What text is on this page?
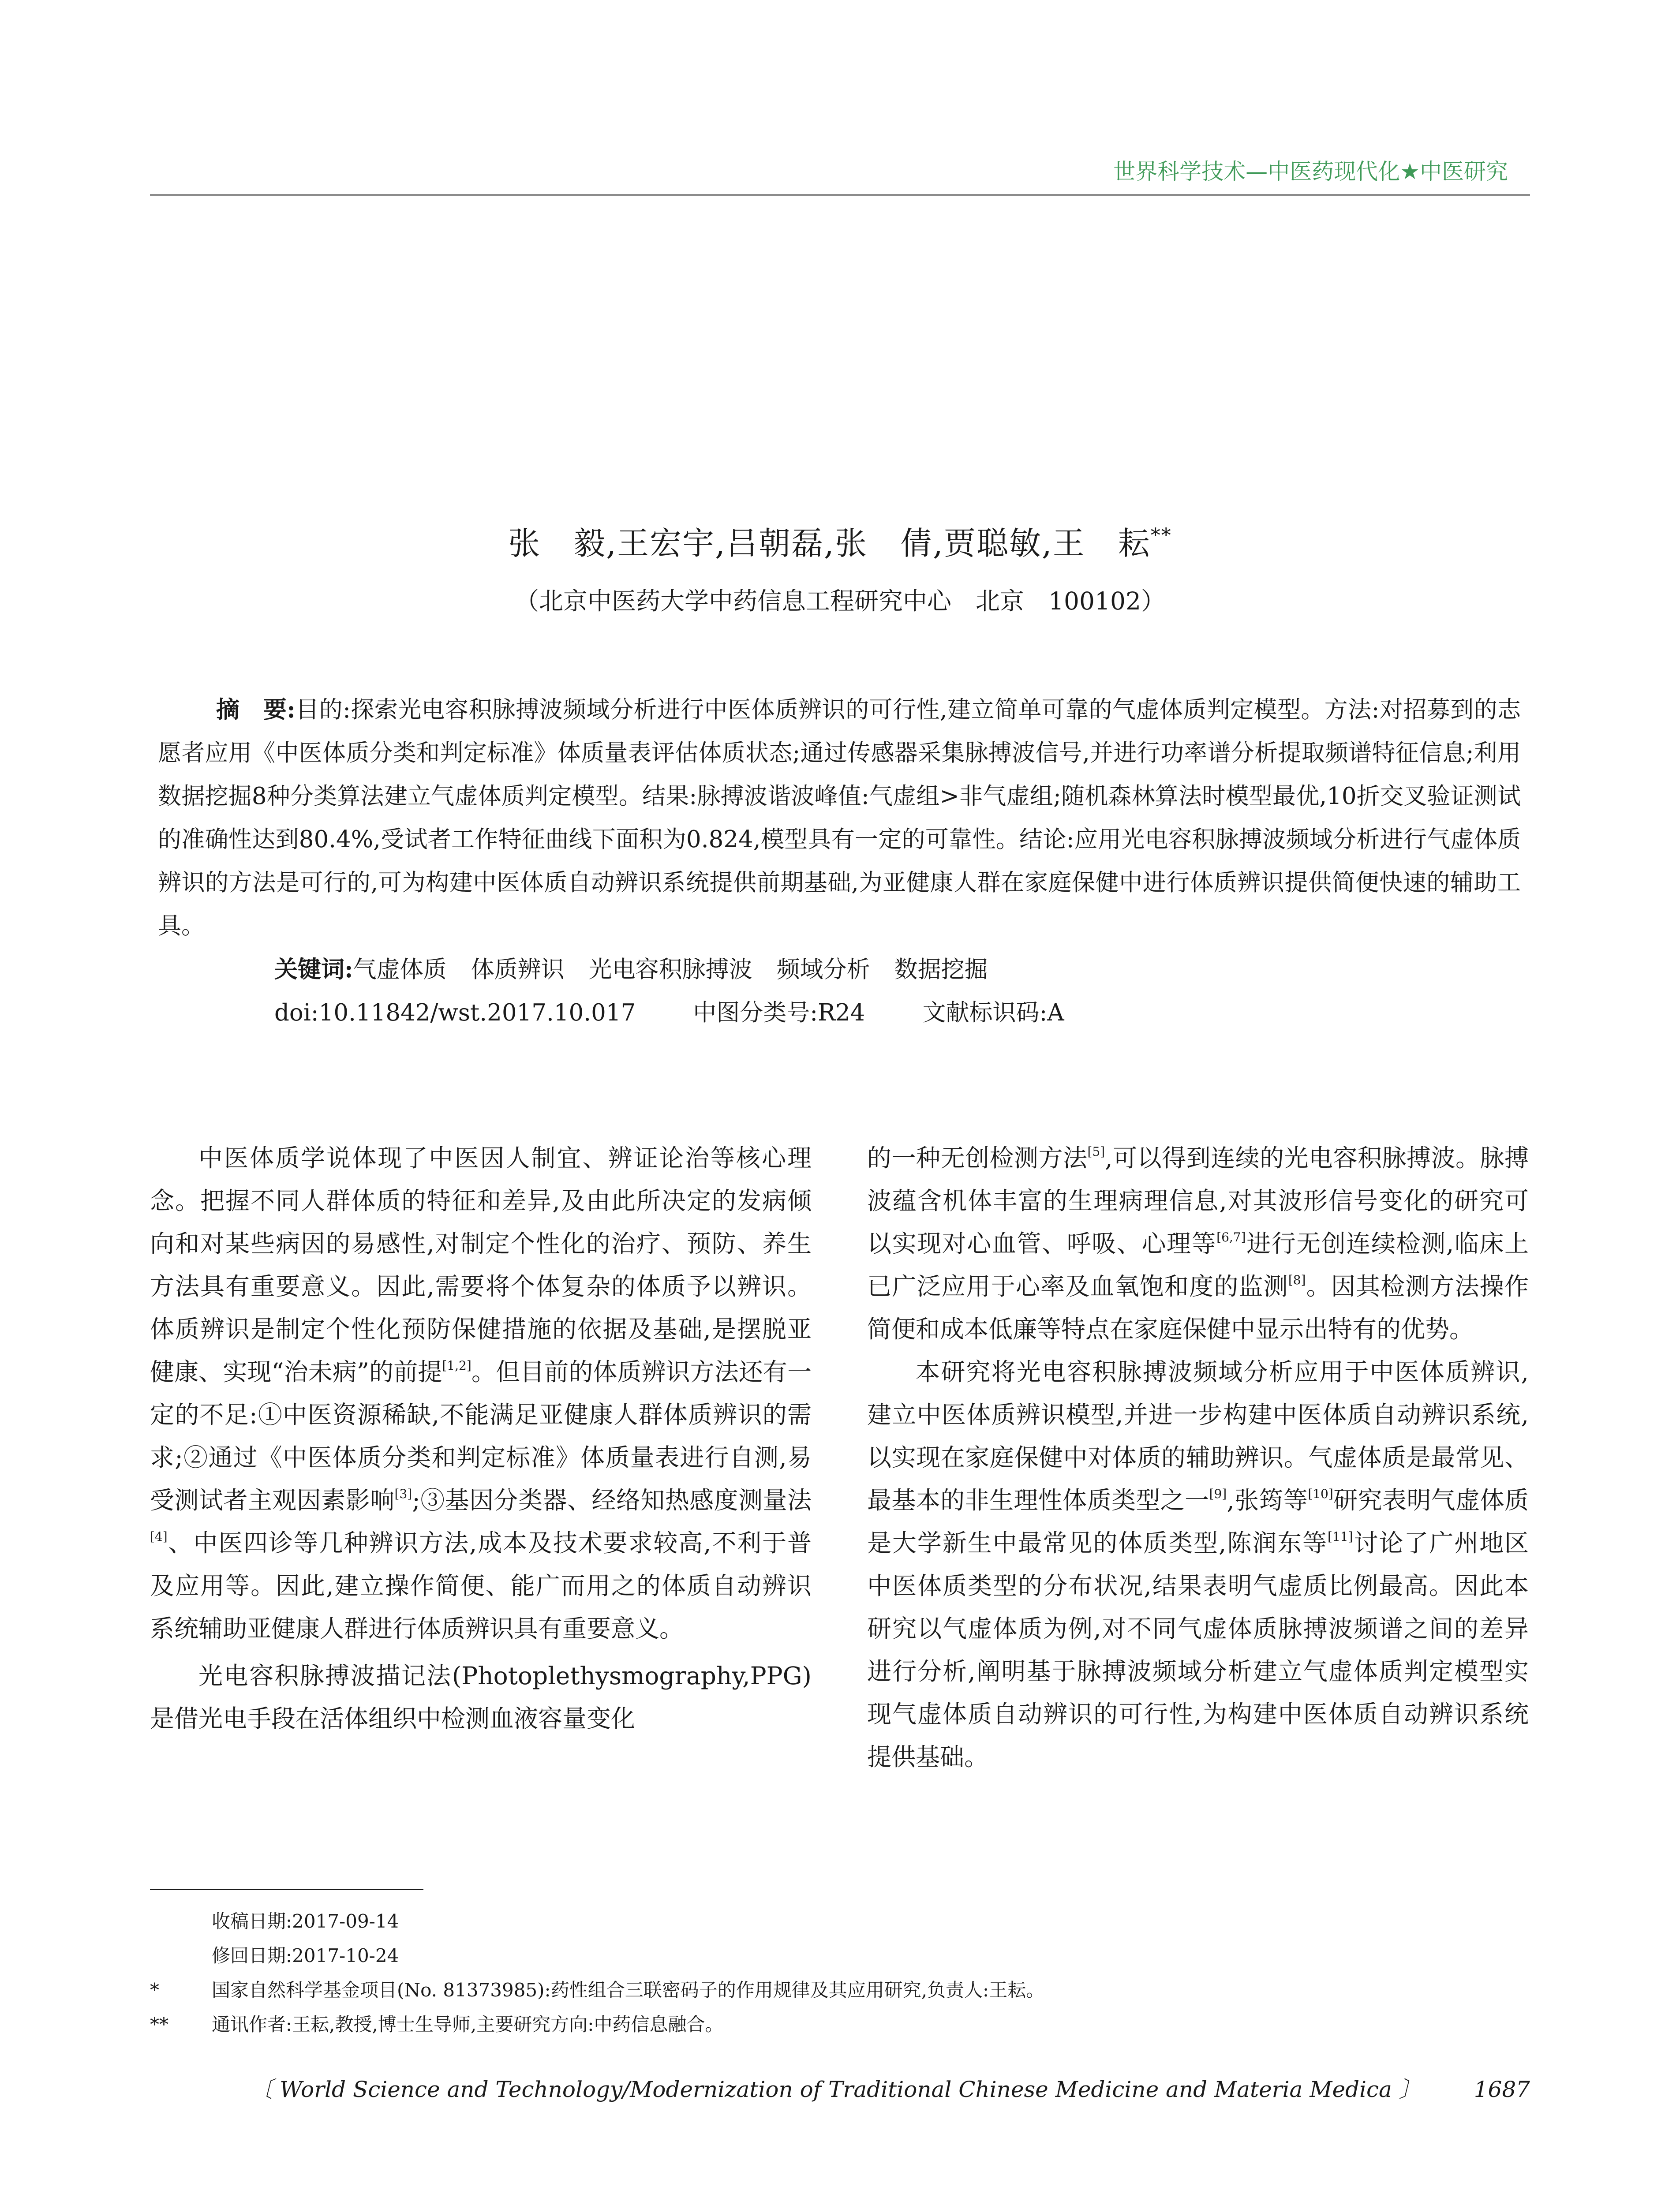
世界科学技术—中医药现代化★中医研究
张　毅,王宏宇,吕朝磊,张　倩,贾聪敏,王　耘**
（北京中医药大学中药信息工程研究中心　北京　100102）

摘　要:目的:探索光电容积脉搏波频域分析进行中医体质辨识的可行性,建立简单可靠的气虚体质判定模型。方法:对招募到的志愿者应用《中医体质分类和判定标准》体质量表评估体质状态;通过传感器采集脉搏波信号,并进行功率谱分析提取频谱特征信息;利用数据挖掘8种分类算法建立气虚体质判定模型。结果:脉搏波谐波峰值:气虚组>非气虚组;随机森林算法时模型最优,10折交叉验证测试的准确性达到80.4%,受试者工作特征曲线下面积为0.824,模型具有一定的可靠性。结论:应用光电容积脉搏波频域分析进行气虚体质辨识的方法是可行的,可为构建中医体质自动辨识系统提供前期基础,为亚健康人群在家庭保健中进行体质辨识提供简便快速的辅助工具。

关键词:气虚体质 体质辨识 光电容积脉搏波 频域分析 数据挖掘

doi:10.11842/wst.2017.10.017 中图分类号:R24 文献标识码:A

中医体质学说体现了中医因人制宜、辨证论治等核心理念。把握不同人群体质的特征和差异,及由此所决定的发病倾向和对某些病因的易感性,对制定个性化的治疗、预防、养生方法具有重要意义。因此,需要将个体复杂的体质予以辨识。体质辨识是制定个性化预防保健措施的依据及基础,是摆脱亚健康、实现“治未病”的前提[1,2]。但目前的体质辨识方法还有一定的不足:①中医资源稀缺,不能满足亚健康人群体质辨识的需求;②通过《中医体质分类和判定标准》体质量表进行自测,易受测试者主观因素影响[3];③基因分类器、经络知热感度测量法[4]、中医四诊等几种辨识方法,成本及技术要求较高,不利于普及应用等。因此,建立操作简便、能广而用之的体质自动辨识系统辅助亚健康人群进行体质辨识具有重要意义。

光电容积脉搏波描记法(Photoplethysmography,PPG)是借光电手段在活体组织中检测血液容量变化

的一种无创检测方法[5],可以得到连续的光电容积脉搏波。脉搏波蕴含机体丰富的生理病理信息,对其波形信号变化的研究可以实现对心血管、呼吸、心理等[6,7]进行无创连续检测,临床上已广泛应用于心率及血氧饱和度的监测[8]。因其检测方法操作简便和成本低廉等特点在家庭保健中显示出特有的优势。

本研究将光电容积脉搏波频域分析应用于中医体质辨识,建立中医体质辨识模型,并进一步构建中医体质自动辨识系统,以实现在家庭保健中对体质的辅助辨识。气虚体质是最常见、最基本的非生理性体质类型之一[9],张筠等[10]研究表明气虚体质是大学新生中最常见的体质类型,陈润东等[11]讨论了广州地区中医体质类型的分布状况,结果表明气虚质比例最高。因此本研究以气虚体质为例,对不同气虚体质脉搏波频谱之间的差异进行分析,阐明基于脉搏波频域分析建立气虚体质判定模型实现气虚体质自动辨识的可行性,为构建中医体质自动辨识系统提供基础。

收稿日期:2017-09-14
修回日期:2017-10-24
*	国家自然科学基金项目(No. 81373985):药性组合三联密码子的作用规律及其应用研究,负责人:王耘。
**	通讯作者:王耘,教授,博士生导师,主要研究方向:中药信息融合。
〔 World Science and Technology/Modernization of Traditional Chinese Medicine and Materia Medica 〕 1687
